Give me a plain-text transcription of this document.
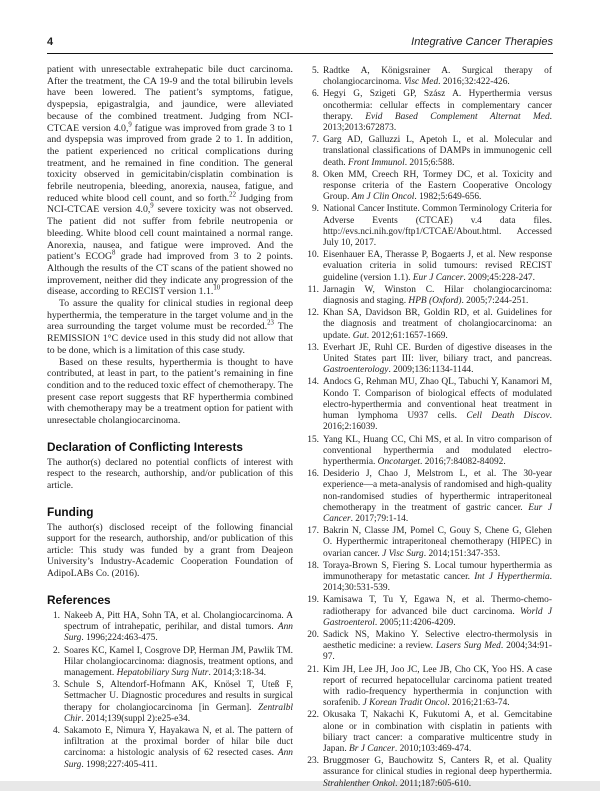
4	Integrative Cancer Therapies

patient with unresectable extrahepatic bile duct carcinoma. After the treatment, the CA 19-9 and the total bilirubin levels have been lowered. The patient’s symptoms, fatigue, dyspepsia, epigastralgia, and jaundice, were alleviated because of the combined treatment. Judging from NCI-CTCAE version 4.0,$^9$ fatigue was improved from grade 3 to 1 and dyspepsia was improved from grade 2 to 1. In addition, the patient experienced no critical complications during treatment, and he remained in fine condition. The general toxicity observed in gemicitabin/cisplatin combination is febrile neutropenia, bleeding, anorexia, nausea, fatigue, and reduced white blood cell count, and so forth.$^{22}$ Judging from NCI-CTCAE version 4.0,$^9$ severe toxicity was not observed. The patient did not suffer from febrile neutropenia or bleeding. White blood cell count maintained a normal range. Anorexia, nausea, and fatigue were improved. And the patient’s ECOG$^8$ grade had improved from 3 to 2 points. Although the results of the CT scans of the patient showed no improvement, neither did they indicate any progression of the disease, according to RECIST version 1.1.10

To assure the quality for clinical studies in regional deep hyperthermia, the temperature in the target volume and in the area surrounding the target volume must be recorded.$^{23}$ The REMISSION 1°C device used in this study did not allow that to be done, which is a limitation of this case study.

Based on these results, hyperthermia is thought to have contributed, at least in part, to the patient’s remaining in fine condition and to the reduced toxic effect of chemotherapy. The present case report suggests that RF hyperthermia combined with chemotherapy may be a treatment option for patient with unresectable cholangiocarcinoma.

Declaration of Conflicting Interests

The author(s) declared no potential conflicts of interest with respect to the research, authorship, and/or publication of this article.

Funding

The author(s) disclosed receipt of the following financial support for the research, authorship, and/or publication of this article: This study was funded by a grant from Deajeon University’s Industry-Academic Cooperation Foundation of AdipoLABs Co. (2016).

References
1. Nakeeb A, Pitt HA, Sohn TA, et al. Cholangiocarcinoma. A spectrum of intrahepatic, perihilar, and distal tumors. Ann Surg. 1996;224:463-475.
2. Soares KC, Kamel I, Cosgrove DP, Herman JM, Pawlik TM. Hilar cholangiocarcinoma: diagnosis, treatment options, and management. Hepatobiliary Surg Nutr. 2014;3:18-34.
3. Schule S, Altendorf-Hofmann AK, Knösel T, Uteß F, Settmacher U. Diagnostic procedures and results in surgical therapy for cholangiocarcinoma [in German]. Zentralbl Chir. 2014;139(suppl 2):e25-e34.
4. Sakamoto E, Nimura Y, Hayakawa N, et al. The pattern of infiltration at the proximal border of hilar bile duct carcinoma: a histologic analysis of 62 resected cases. Ann Surg. 1998;227:405-411.
5. Radtke A, Königsrainer A. Surgical therapy of cholangiocarcinoma. Visc Med. 2016;32:422-426.
6. Hegyi G, Szigeti GP, Szász A. Hyperthermia versus oncothermia: cellular effects in complementary cancer therapy. Evid Based Complement Alternat Med. 2013;2013:672873.
7. Garg AD, Galluzzi L, Apetoh L, et al. Molecular and translational classifications of DAMPs in immunogenic cell death. Front Immunol. 2015;6:588.
8. Oken MM, Creech RH, Tormey DC, et al. Toxicity and response criteria of the Eastern Cooperative Oncology Group. Am J Clin Oncol. 1982;5:649-656.
9. National Cancer Institute. Common Terminology Criteria for Adverse Events (CTCAE) v.4 data files. http://evs.nci.nih.gov/ftp1/CTCAE/About.html. Accessed July 10, 2017.
10. Eisenhauer EA, Therasse P, Bogaerts J, et al. New response evaluation criteria in solid tumours: revised RECIST guideline (version 1.1). Eur J Cancer. 2009;45:228-247.
11. Jarnagin W, Winston C. Hilar cholangiocarcinoma: diagnosis and staging. HPB (Oxford). 2005;7:244-251.
12. Khan SA, Davidson BR, Goldin RD, et al. Guidelines for the diagnosis and treatment of cholangiocarcinoma: an update. Gut. 2012;61:1657-1669.
13. Everhart JE, Ruhl CE. Burden of digestive diseases in the United States part III: liver, biliary tract, and pancreas. Gastroenterology. 2009;136:1134-1144.
14. Andocs G, Rehman MU, Zhao QL, Tabuchi Y, Kanamori M, Kondo T. Comparison of biological effects of modulated electro-hyperthermia and conventional heat treatment in human lymphoma U937 cells. Cell Death Discov. 2016;2:16039.
15. Yang KL, Huang CC, Chi MS, et al. In vitro comparison of conventional hyperthermia and modulated electro-hyperthermia. Oncotarget. 2016;7:84082-84092.
16. Desiderio J, Chao J, Melstrom L, et al. The 30-year experience—a meta-analysis of randomised and high-quality non-randomised studies of hyperthermic intraperitoneal chemotherapy in the treatment of gastric cancer. Eur J Cancer. 2017;79:1-14.
17. Bakrin N, Classe JM, Pomel C, Gouy S, Chene G, Glehen O. Hyperthermic intraperitoneal chemotherapy (HIPEC) in ovarian cancer. J Visc Surg. 2014;151:347-353.
18. Toraya-Brown S, Fiering S. Local tumour hyperthermia as immunotherapy for metastatic cancer. Int J Hyperthermia. 2014;30:531-539.
19. Kamisawa T, Tu Y, Egawa N, et al. Thermo-chemo-radiotherapy for advanced bile duct carcinoma. World J Gastroenterol. 2005;11:4206-4209.
20. Sadick NS, Makino Y. Selective electro-thermolysis in aesthetic medicine: a review. Lasers Surg Med. 2004;34:91-97.
21. Kim JH, Lee JH, Joo JC, Lee JB, Cho CK, Yoo HS. A case report of recurred hepatocellular carcinoma patient treated with radio-frequency hyperthermia in conjunction with sorafenib. J Korean Tradit Oncol. 2016;21:63-74.
22. Okusaka T, Nakachi K, Fukutomi A, et al. Gemcitabine alone or in combination with cisplatin in patients with biliary tract cancer: a comparative multicentre study in Japan. Br J Cancer. 2010;103:469-474.
23. Bruggmoser G, Bauchowitz S, Canters R, et al. Quality assurance for clinical studies in regional deep hyperthermia. Strahlenther Onkol. 2011;187:605-610.
